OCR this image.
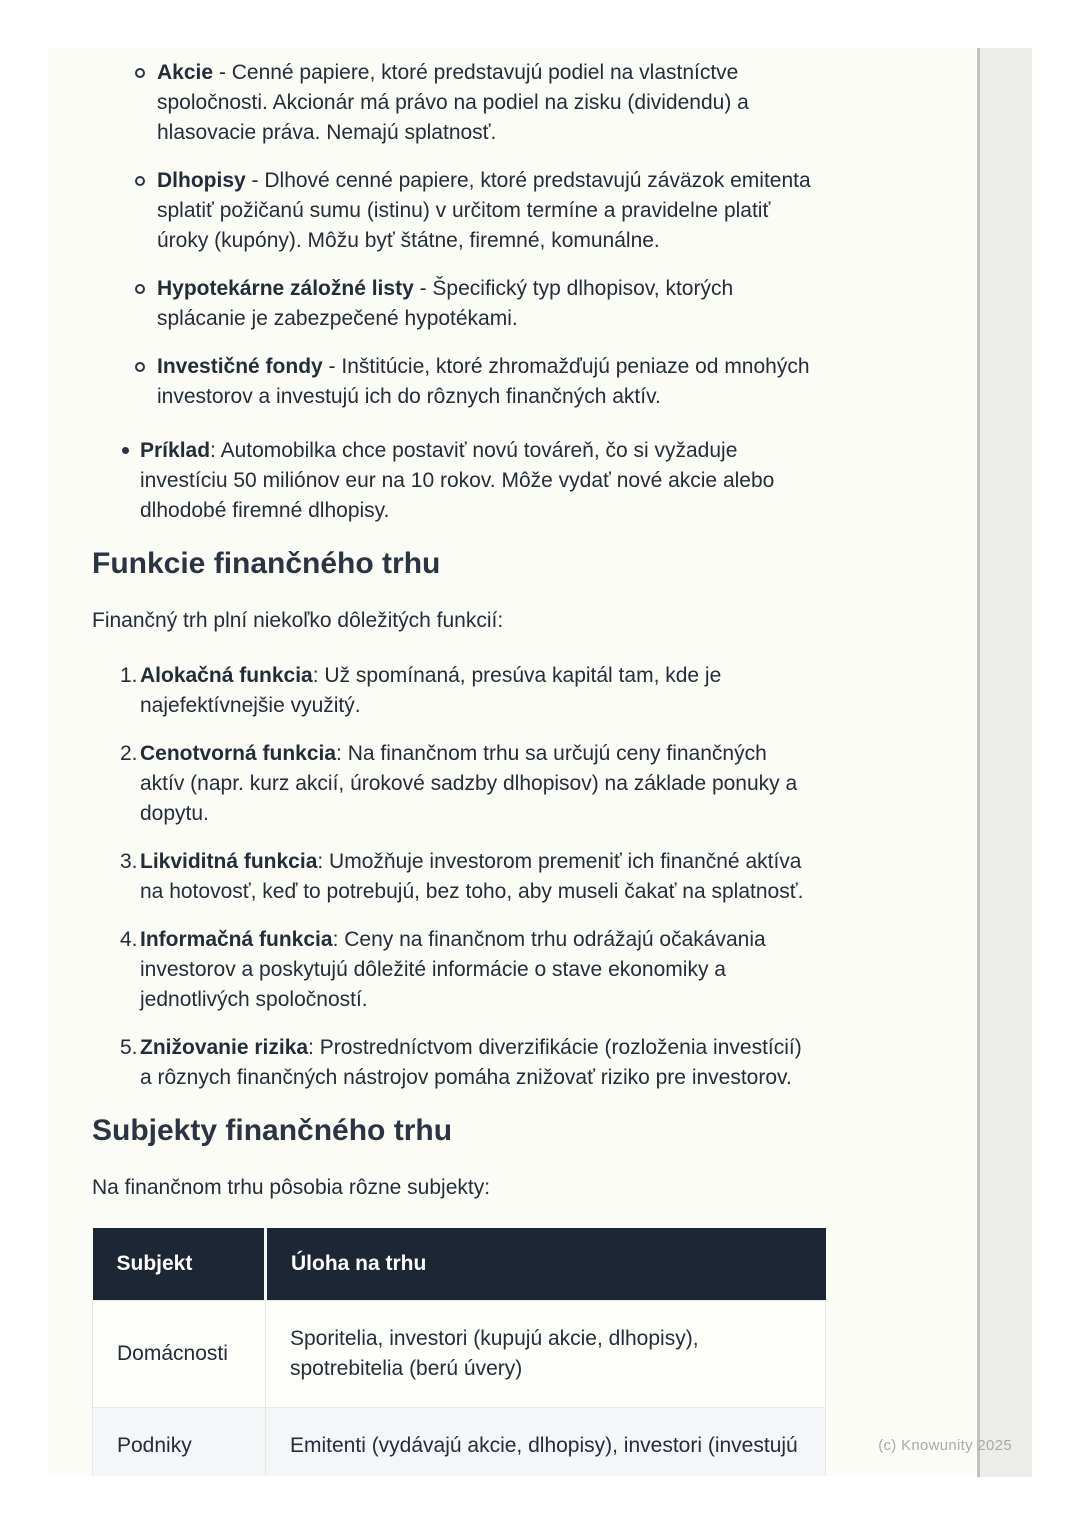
Akcie - Cenné papiere, ktoré predstavujú podiel na vlastníctve spoločnosti. Akcionár má právo na podiel na zisku (dividendu) a hlasovacie práva. Nemajú splatnosť.

Dlhopisy - Dlhové cenné papiere, ktoré predstavujú záväzok emitenta splatiť požičanú sumu (istinu) v určitom termíne a pravidelne platiť úroky (kupóny). Môžu byť štátne, firemné, komunálne.

Hypotekárne záložné listy - Špecifický typ dlhopisov, ktorých splácanie je zabezpečené hypotékami.

Investičné fondy - Inštitúcie, ktoré zhromažďujú peniaze od mnohých investorov a investujú ich do rôznych finančných aktív.

Príklad: Automobilka chce postaviť novú továreň, čo si vyžaduje investíciu 50 miliónov eur na 10 rokov. Môže vydať nové akcie alebo dlhodobé firemné dlhopisy.

Funkcie finančného trhu

Finančný trh plní niekoľko dôležitých funkcií:

1. Alokačná funkcia: Už spomínaná, presúva kapitál tam, kde je najefektívnejšie využitý.

2. Cenotvorná funkcia: Na finančnom trhu sa určujú ceny finančných aktív (napr. kurz akcií, úrokové sadzby dlhopisov) na základe ponuky a dopytu.

3. Likviditná funkcia: Umožňuje investorom premeniť ich finančné aktíva na hotovosť, keď to potrebujú, bez toho, aby museli čakať na splatnosť.

4. Informačná funkcia: Ceny na finančnom trhu odrážajú očakávania investorov a poskytujú dôležité informácie o stave ekonomiky a jednotlivých spoločností.

5. Znižovanie rizika: Prostredníctvom diverzifikácie (rozloženia investícií) a rôznych finančných nástrojov pomáha znižovať riziko pre investorov.

Subjekty finančného trhu

Na finančnom trhu pôsobia rôzne subjekty:

Subjekt	Úloha na trhu
Domácnosti	Sporitelia, investori (kupujú akcie, dlhopisy), spotrebitelia (berú úvery)
Podniky	Emitenti (vydávajú akcie, dlhopisy), investori (investujú	(c) Knowunity 2025
